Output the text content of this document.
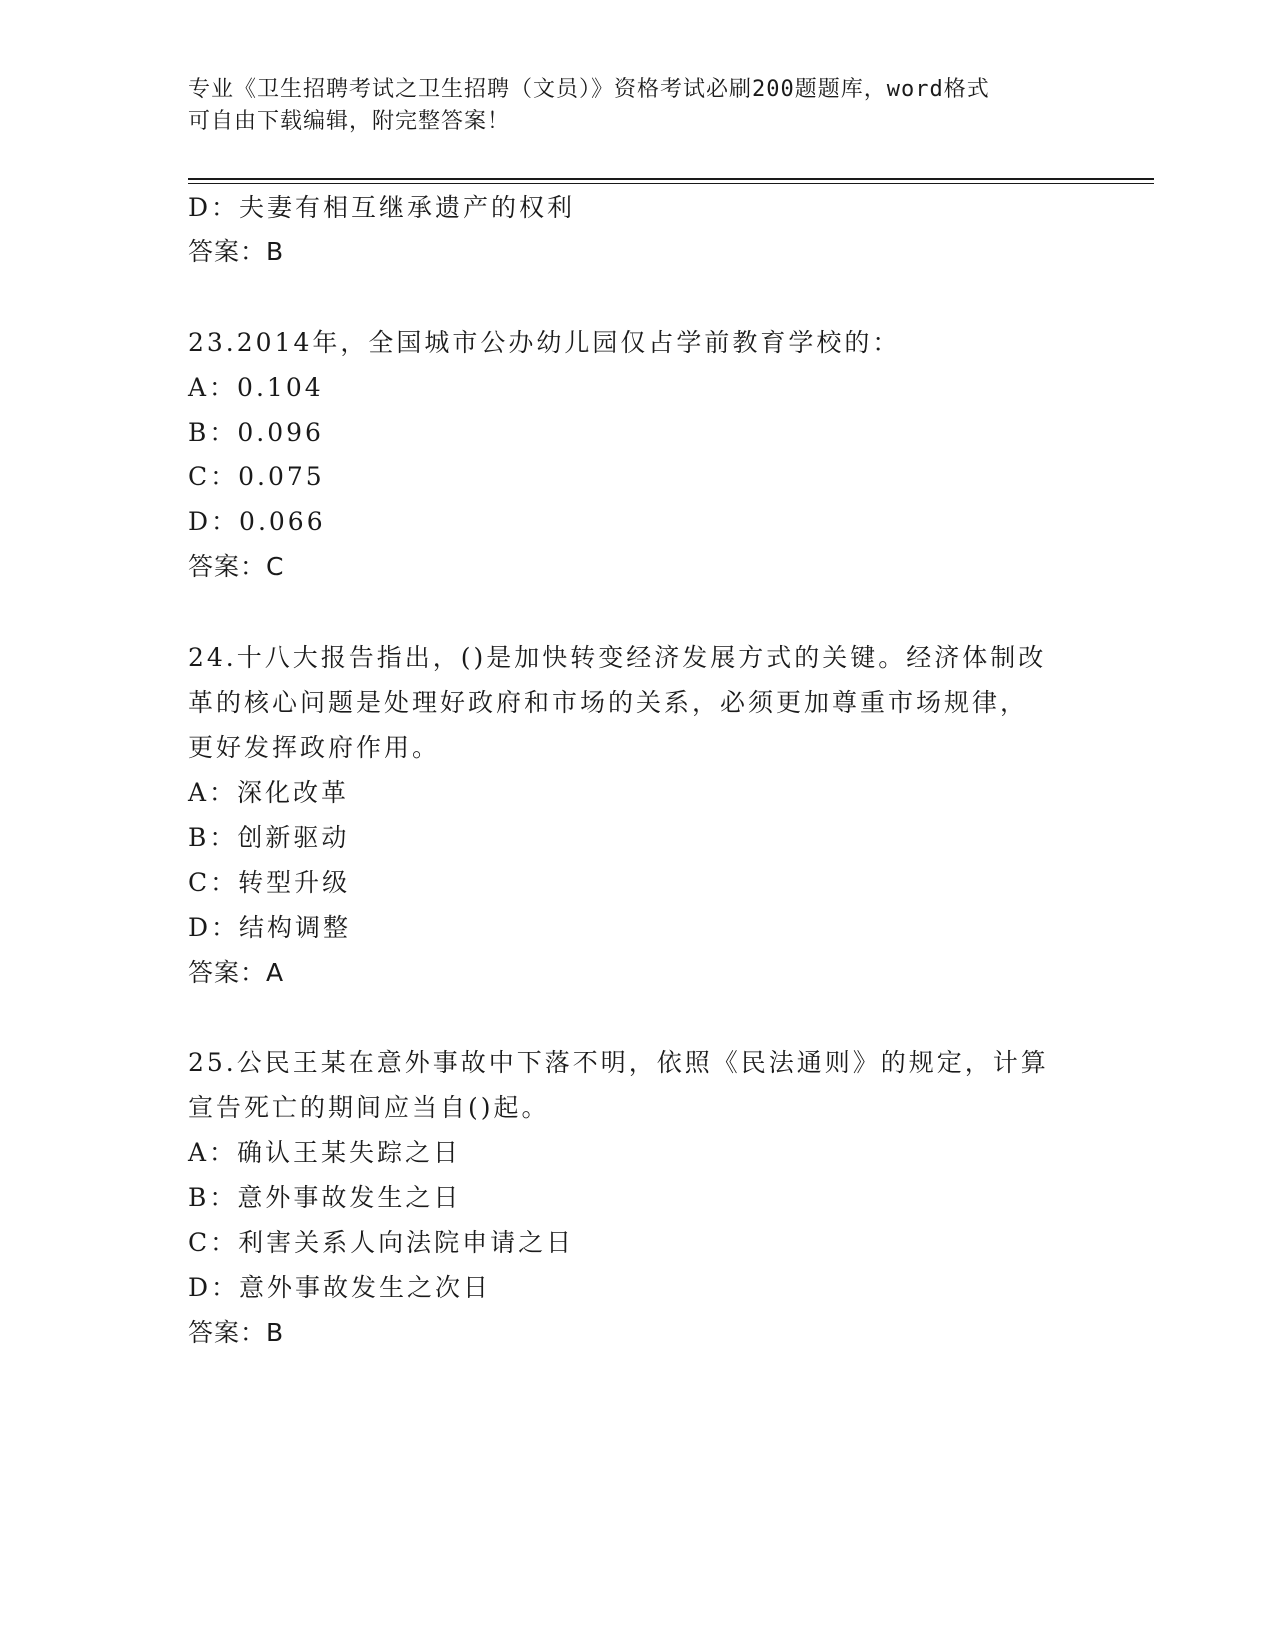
专业《卫生招聘考试之卫生招聘（文员）》资格考试必刷200题题库，word格式
可自由下载编辑，附完整答案！
D：夫妻有相互继承遗产的权利
答案：B
23.2014年，全国城市公办幼儿园仅占学前教育学校的：
A：0.104
B：0.096
C：0.075
D：0.066
答案：C
24.十八大报告指出，()是加快转变经济发展方式的关键。经济体制改
革的核心问题是处理好政府和市场的关系，必须更加尊重市场规律，
更好发挥政府作用。
A：深化改革
B：创新驱动
C：转型升级
D：结构调整
答案：A
25.公民王某在意外事故中下落不明，依照《民法通则》的规定，计算
宣告死亡的期间应当自()起。
A：确认王某失踪之日
B：意外事故发生之日
C：利害关系人向法院申请之日
D：意外事故发生之次日
答案：B
